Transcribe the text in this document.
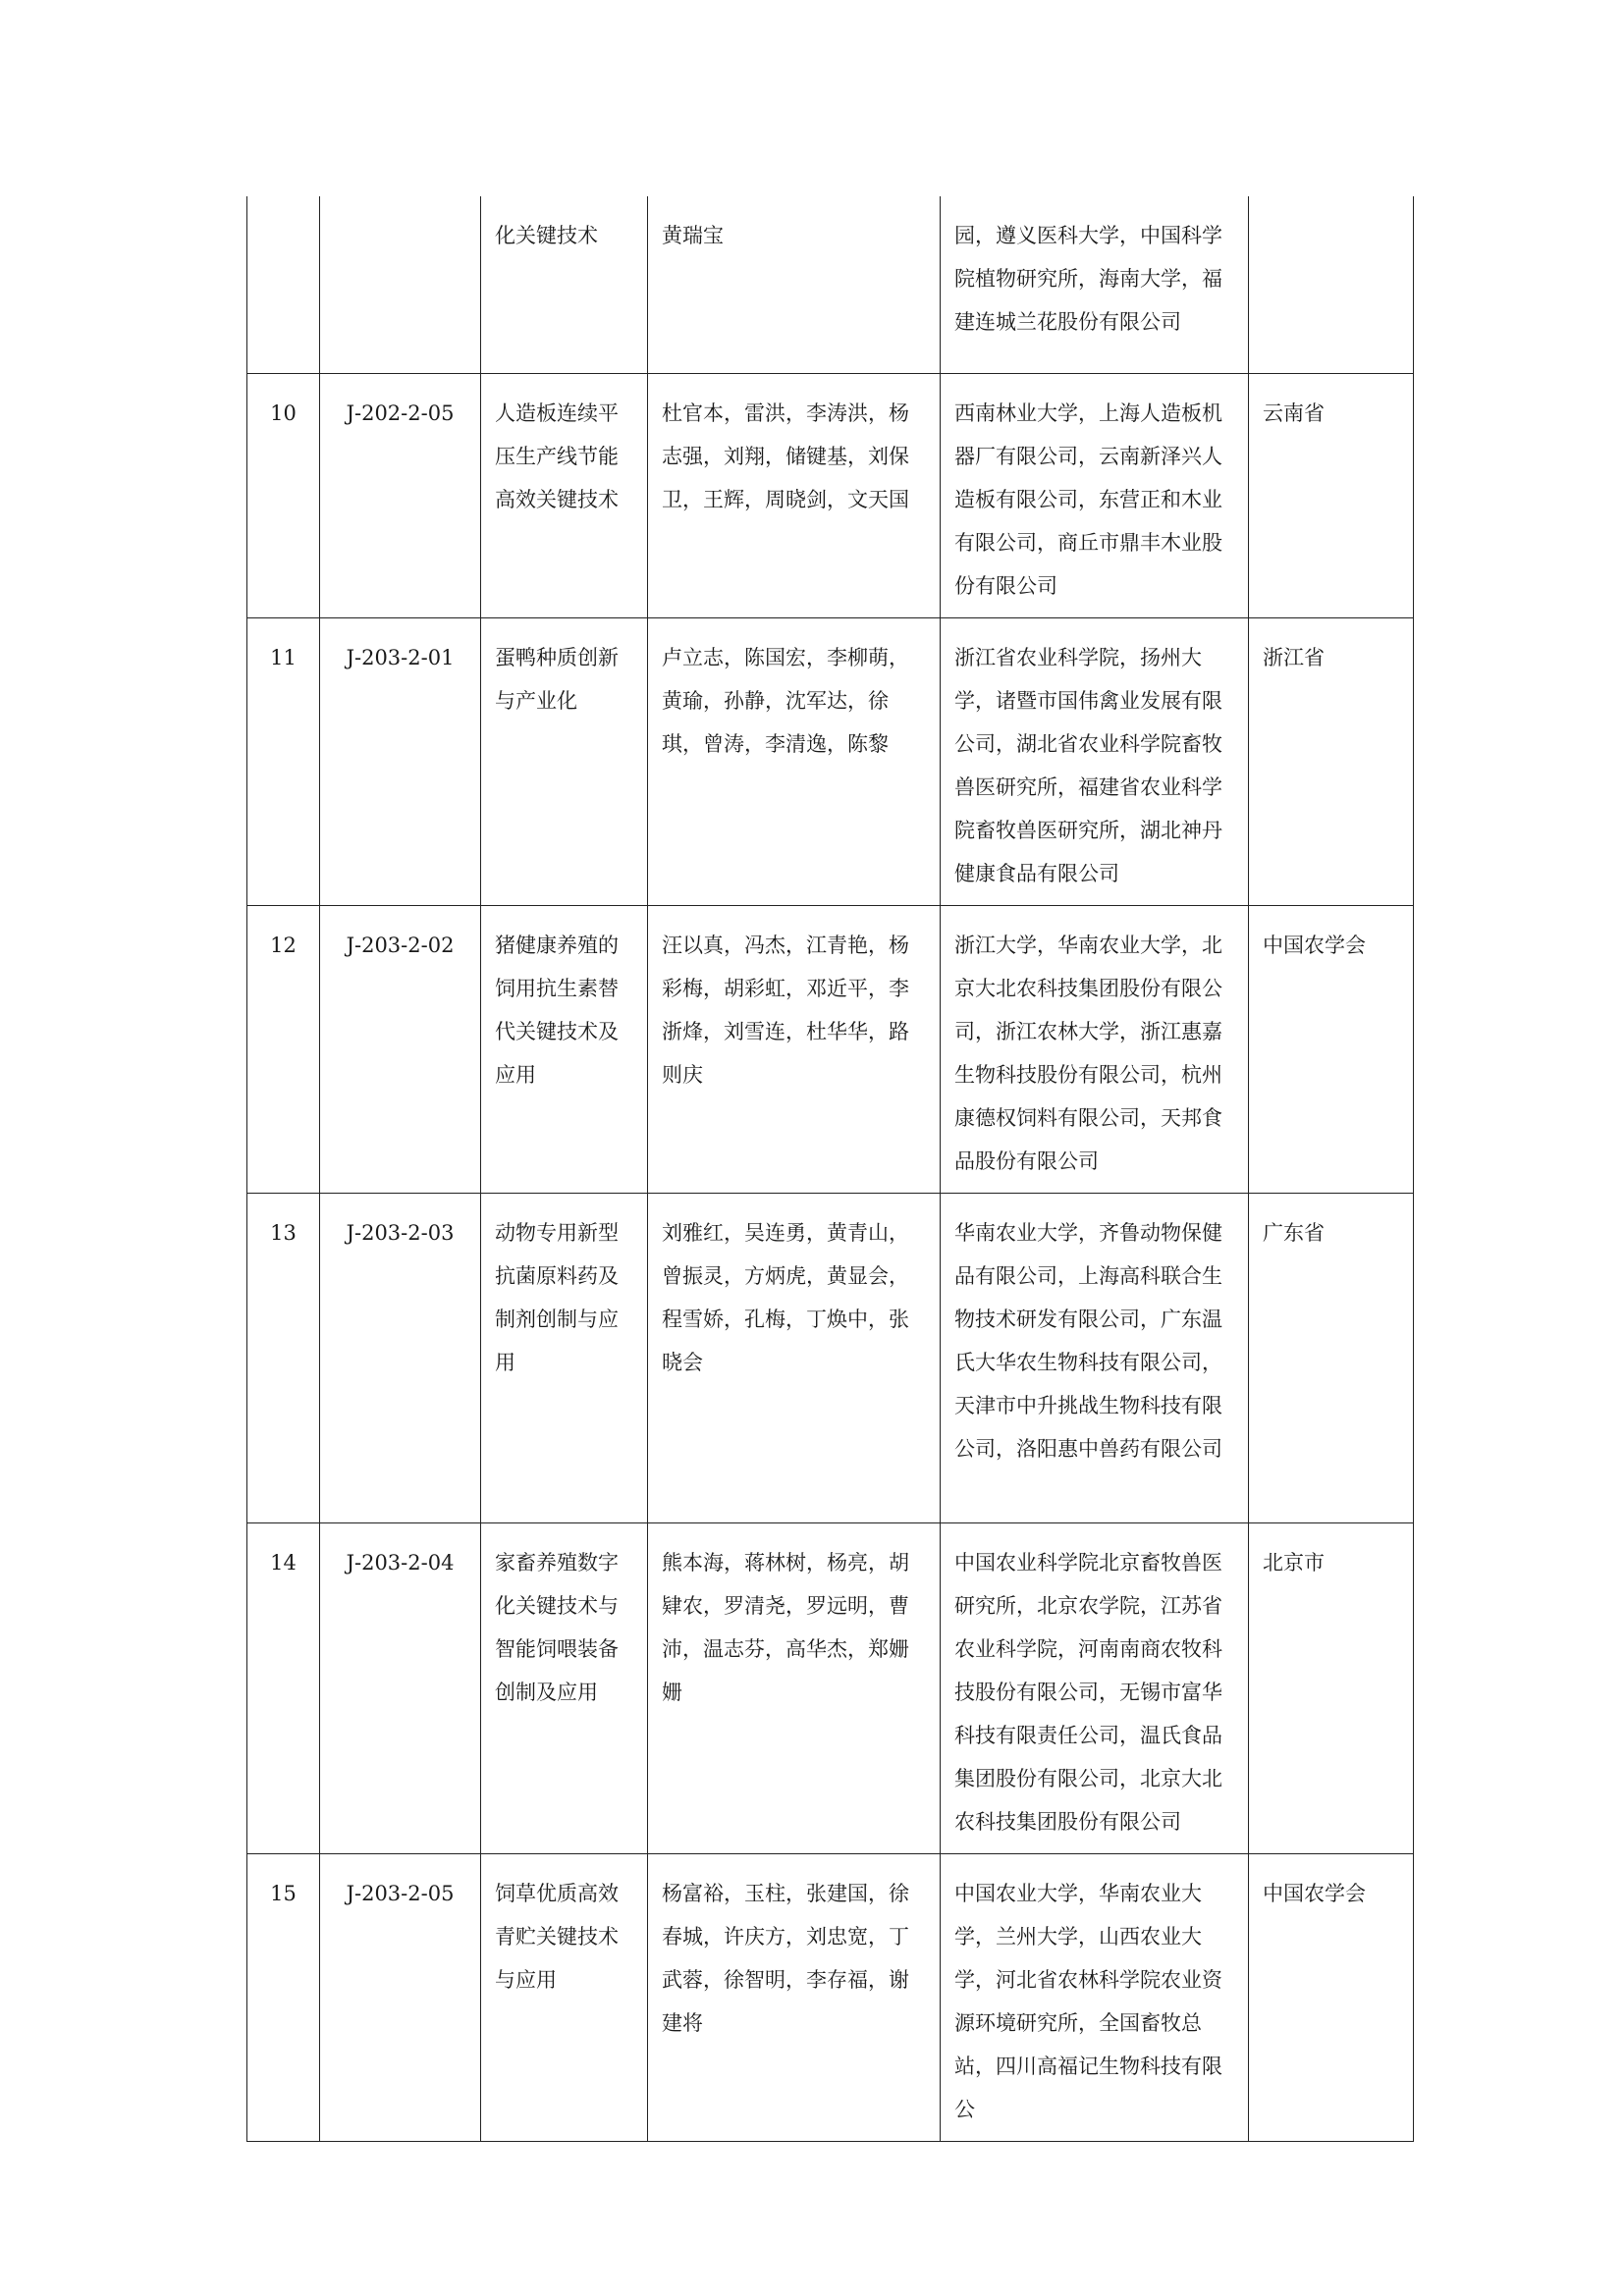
		化关键技术	黄瑞宝	园，遵义医科大学，中国科学院植物研究所，海南大学，福建连城兰花股份有限公司	

10	J-202-2-05	人造板连续平压生产线节能高效关键技术	杜官本，雷洪，李涛洪，杨志强，刘翔，储键基，刘保卫，王辉，周晓剑，文天国	西南林业大学，上海人造板机器厂有限公司，云南新泽兴人造板有限公司，东营正和木业有限公司，商丘市鼎丰木业股份有限公司	云南省

11	J-203-2-01	蛋鸭种质创新与产业化	卢立志，陈国宏，李柳萌，黄瑜，孙静，沈军达，徐琪，曾涛，李清逸，陈黎	浙江省农业科学院，扬州大学，诸暨市国伟禽业发展有限公司，湖北省农业科学院畜牧兽医研究所，福建省农业科学院畜牧兽医研究所，湖北神丹健康食品有限公司	浙江省

12	J-203-2-02	猪健康养殖的饲用抗生素替代关键技术及应用	汪以真，冯杰，江青艳，杨彩梅，胡彩虹，邓近平，李浙烽，刘雪连，杜华华，路则庆	浙江大学，华南农业大学，北京大北农科技集团股份有限公司，浙江农林大学，浙江惠嘉生物科技股份有限公司，杭州康德权饲料有限公司，天邦食品股份有限公司	中国农学会

13	J-203-2-03	动物专用新型抗菌原料药及制剂创制与应用	刘雅红，吴连勇，黄青山，曾振灵，方炳虎，黄显会，程雪娇，孔梅，丁焕中，张晓会	华南农业大学，齐鲁动物保健品有限公司，上海高科联合生物技术研发有限公司，广东温氏大华农生物科技有限公司，天津市中升挑战生物科技有限公司，洛阳惠中兽药有限公司	广东省

14	J-203-2-04	家畜养殖数字化关键技术与智能饲喂装备创制及应用	熊本海，蒋林树，杨亮，胡肄农，罗清尧，罗远明，曹沛，温志芬，高华杰，郑姗姗	中国农业科学院北京畜牧兽医研究所，北京农学院，江苏省农业科学院，河南南商农牧科技股份有限公司，无锡市富华科技有限责任公司，温氏食品集团股份有限公司，北京大北农科技集团股份有限公司	北京市

15	J-203-2-05	饲草优质高效青贮关键技术与应用	杨富裕，玉柱，张建国，徐春城，许庆方，刘忠宽，丁武蓉，徐智明，李存福，谢建将	中国农业大学，华南农业大学，兰州大学，山西农业大学，河北省农林科学院农业资源环境研究所，全国畜牧总站，四川高福记生物科技有限公	中国农学会
